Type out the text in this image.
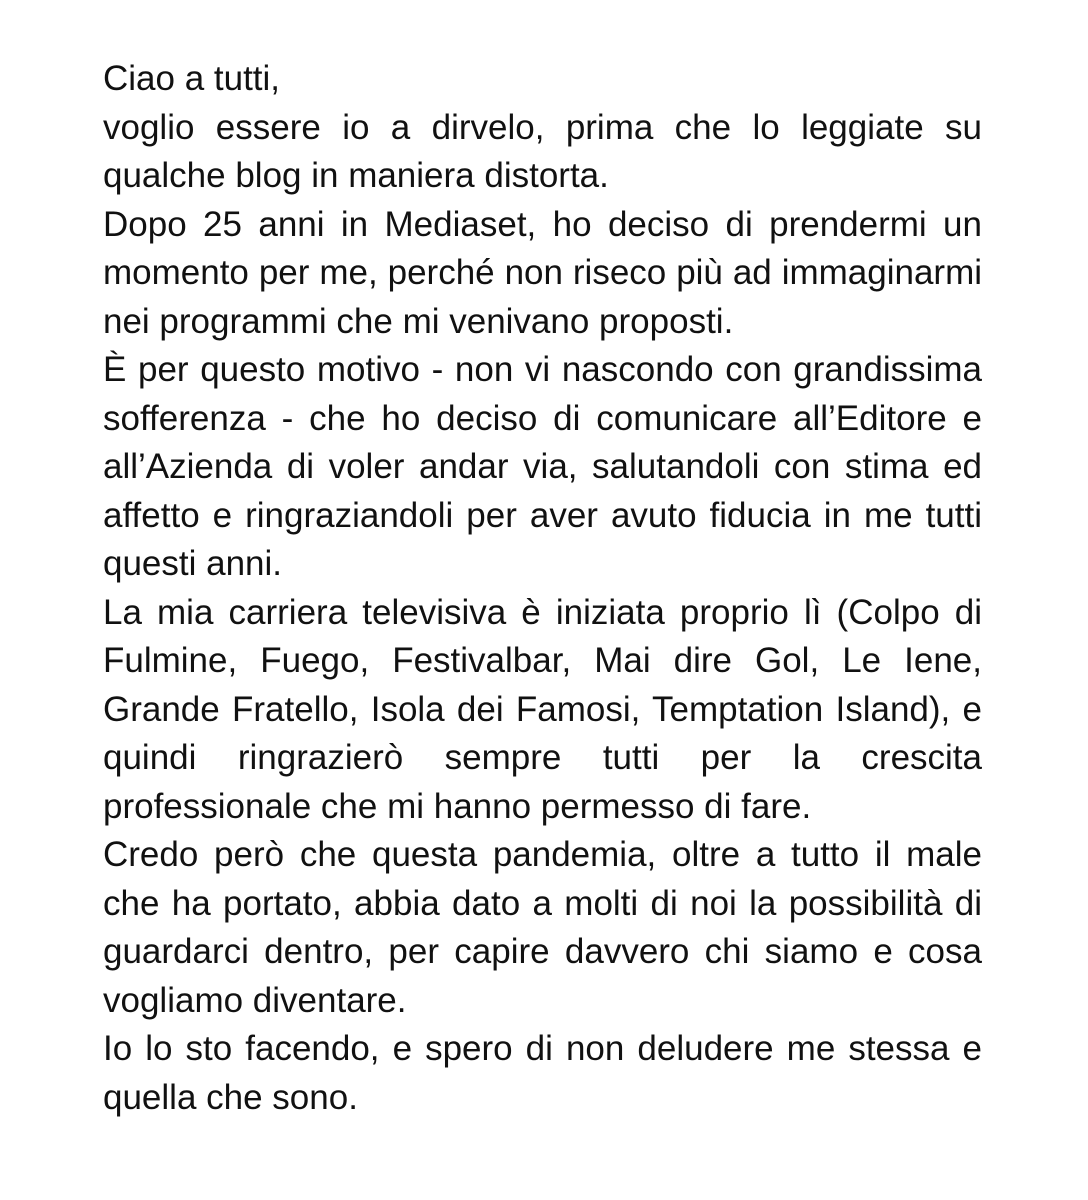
Ciao a tutti,

voglio essere io a dirvelo, prima che lo leggiate su qualche blog in maniera distorta.

Dopo 25 anni in Mediaset, ho deciso di prendermi un momento per me, perché non riseco più ad immaginarmi nei programmi che mi venivano proposti.

È per questo motivo - non vi nascondo con grandissima sofferenza - che ho deciso di comunicare all’Editore e all’Azienda di voler andar via, salutandoli con stima ed affetto e ringraziandoli per aver avuto fiducia in me tutti questi anni.

La mia carriera televisiva è iniziata proprio lì (Colpo di Fulmine, Fuego, Festivalbar, Mai dire Gol, Le Iene, Grande Fratello, Isola dei Famosi, Temptation Island), e quindi ringrazierò sempre tutti per la crescita professionale che mi hanno permesso di fare.

Credo però che questa pandemia, oltre a tutto il male che ha portato, abbia dato a molti di noi la possibilità di guardarci dentro, per capire davvero chi siamo e cosa vogliamo diventare.

Io lo sto facendo, e spero di non deludere me stessa e quella che sono.
